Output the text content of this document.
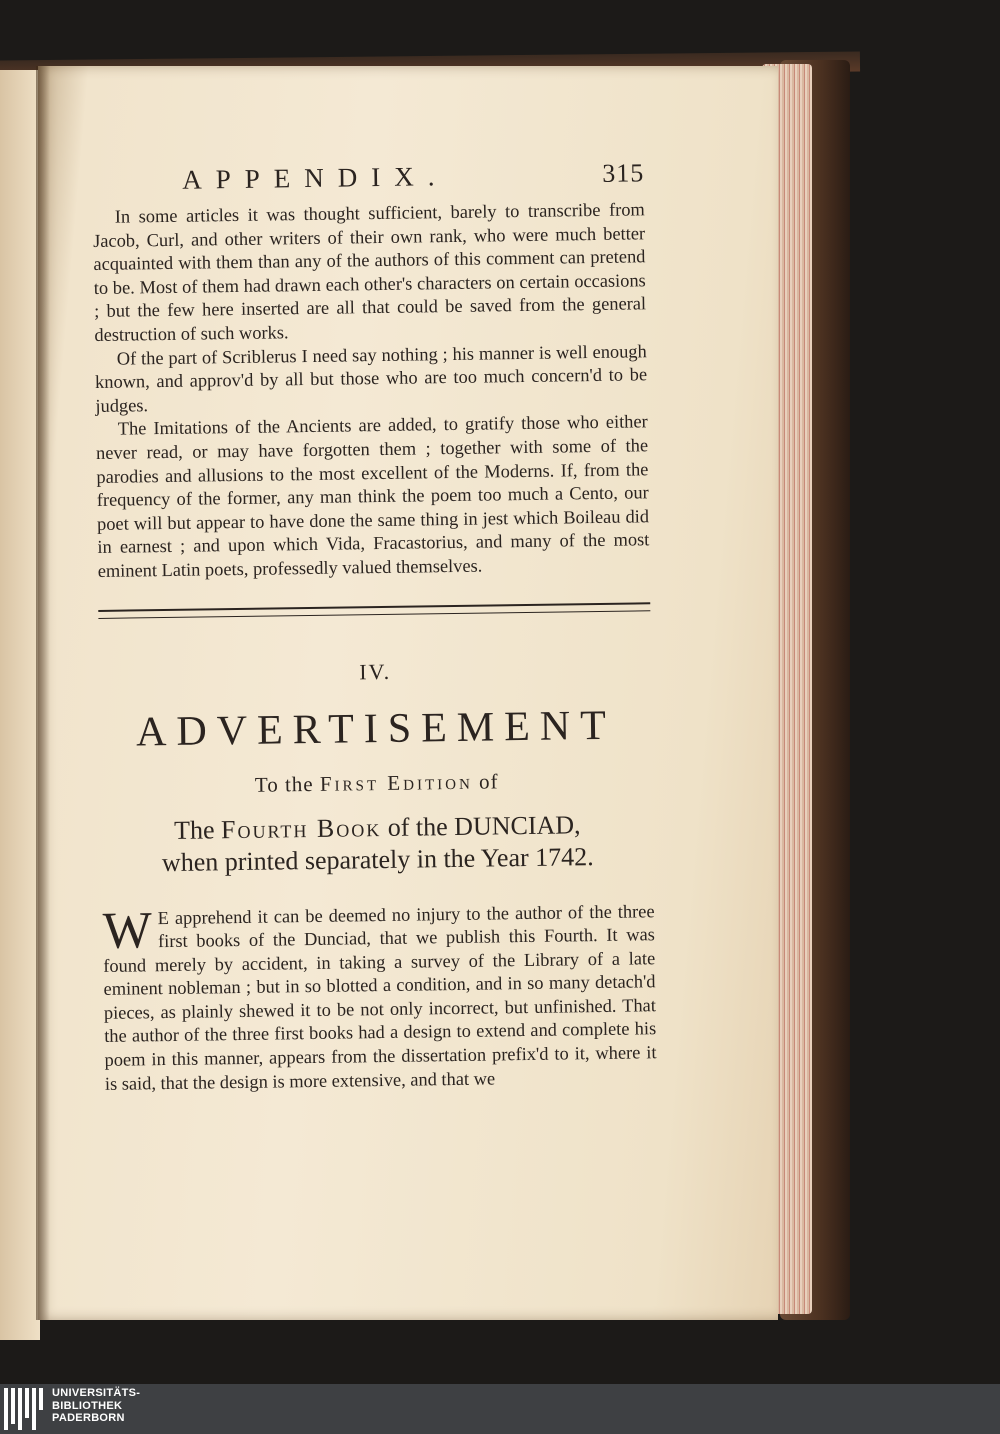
APPENDIX.	315

In some articles it was thought sufficient, barely to transcribe from Jacob, Curl, and other writers of their own rank, who were much better acquainted with them than any of the authors of this comment can pretend to be. Most of them had drawn each other's characters on certain occasions ; but the few here inserted are all that could be saved from the general destruction of such works.

Of the part of Scriblerus I need say nothing ; his manner is well enough known, and approv'd by all but those who are too much concern'd to be judges.

The Imitations of the Ancients are added, to gratify those who either never read, or may have forgotten them ; together with some of the parodies and allusions to the most excellent of the Moderns. If, from the frequency of the former, any man think the poem too much a Cento, our poet will but appear to have done the same thing in jest which Boileau did in earnest ; and upon which Vida, Fracastorius, and many of the most eminent Latin poets, professedly valued themselves.

IV.
ADVERTISEMENT
To the First Edition of
The Fourth Book of the DUNCIAD,
when printed separately in the Year 1742.
W E apprehend it can be deemed no injury to the author of the three first books of the Dunciad, that we publish this Fourth. It was found merely by accident, in taking a survey of the Library of a late eminent nobleman ; but in so blotted a condition, and in so many detach'd pieces, as plainly shewed it to be not only incorrect, but unfinished. That the author of the three first books had a design to extend and complete his poem in this manner, appears from the dissertation prefix'd to it, where it is said, that the design is more extensive, and that we

UNIVERSITÄTS-
BIBLIOTHEK
PADERBORN
